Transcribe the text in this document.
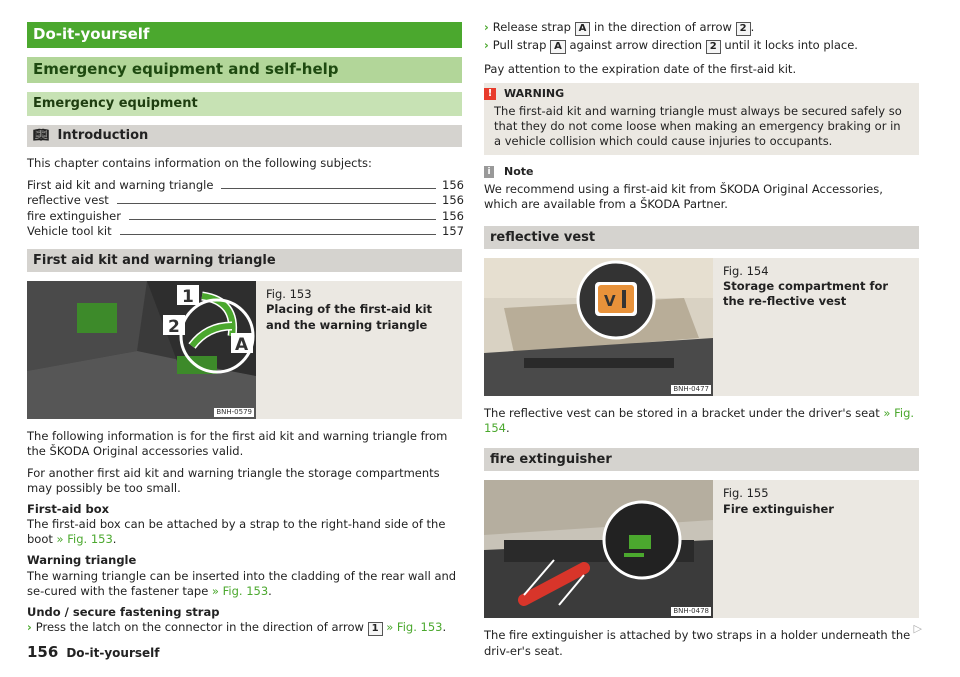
Do-it-yourself
Emergency equipment and self-help
Emergency equipment
📖︎ Introduction

This chapter contains information on the following subjects:

First aid kit and warning triangle	156
reflective vest	156
fire extinguisher	156
Vehicle tool kit	157
First aid kit and warning triangle
1
2
A
BNH-0579
Fig. 153
Placing of the first-aid kit and the warning triangle

The following information is for the first aid kit and warning triangle from the ŠKODA Original accessories valid.

For another first aid kit and warning triangle the storage compartments may possibly be too small.

First-aid box
The first-aid box can be attached by a strap to the right-hand side of the boot » Fig. 153.

Warning triangle
The warning triangle can be inserted into the cladding of the rear wall and se-cured with the fastener tape » Fig. 153.

Undo / secure fastening strap
› Press the latch on the connector in the direction of arrow 1 » Fig. 153.

› Release strap A in the direction of arrow 2 .

› Pull strap A against arrow direction 2 until it locks into place.

Pay attention to the expiration date of the first-aid kit.

!	WARNING
The first-aid kit and warning triangle must always be secured safely so that they do not come loose when making an emergency braking or in a vehicle collision which could cause injuries to occupants.
i	Note

We recommend using a first-aid kit from ŠKODA Original Accessories, which are available from a ŠKODA Partner.

reflective vest
V
BNH-0477
Fig. 154
Storage compartment for the re-flective vest

The reflective vest can be stored in a bracket under the driver's seat » Fig. 154.

fire extinguisher
BNH-0478
Fig. 155
Fire extinguisher

The fire extinguisher is attached by two straps in a holder underneath the driv-er's seat.

▷
156 Do-it-yourself
